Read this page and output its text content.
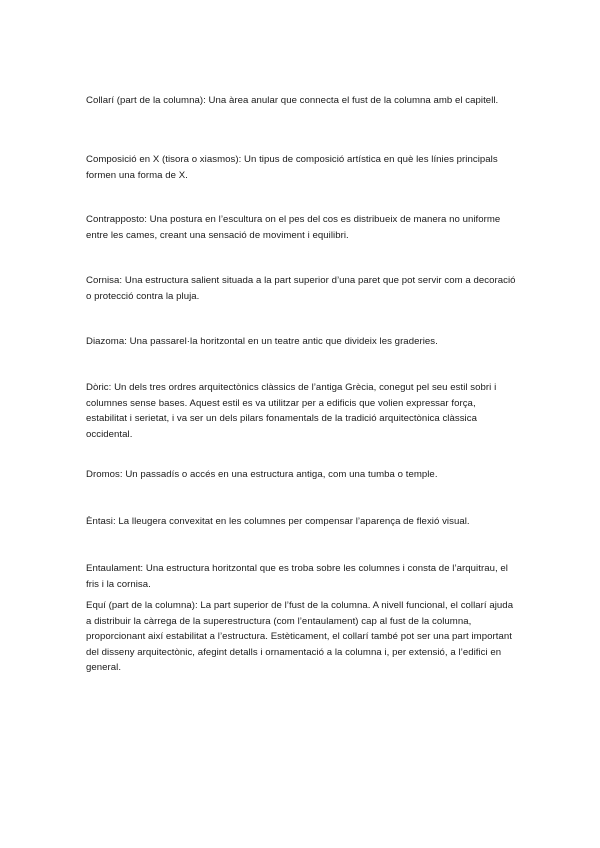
Collarí (part de la columna): Una àrea anular que connecta el fust de la columna amb el capitell.

Composició en X (tisora o xiasmos): Un tipus de composició artística en què les línies principals formen una forma de X.

Contrapposto: Una postura en l’escultura on el pes del cos es distribueix de manera no uniforme entre les cames, creant una sensació de moviment i equilibri.

Cornisa: Una estructura salient situada a la part superior d’una paret que pot servir com a decoració o protecció contra la pluja.

Diazoma: Una passarel·la horitzontal en un teatre antic que divideix les graderies.

Dòric: Un dels tres ordres arquitectònics clàssics de l’antiga Grècia, conegut pel seu estil sobri i columnes sense bases. Aquest estil es va utilitzar per a edificis que volien expressar força, estabilitat i serietat, i va ser un dels pilars fonamentals de la tradició arquitectònica clàssica occidental.

Dromos: Un passadís o accés en una estructura antiga, com una tumba o temple.

Èntasi: La lleugera convexitat en les columnes per compensar l’aparença de flexió visual.

Entaulament: Una estructura horitzontal que es troba sobre les columnes i consta de l’arquitrau, el fris i la cornisa.

Equí (part de la columna): La part superior de l’fust de la columna. A nivell funcional, el collarí ajuda a distribuir la càrrega de la superestructura (com l’entaulament) cap al fust de la columna, proporcionant així estabilitat a l’estructura. Estèticament, el collarí també pot ser una part important del disseny arquitectònic, afegint detalls i ornamentació a la columna i, per extensió, a l’edifici en general.
